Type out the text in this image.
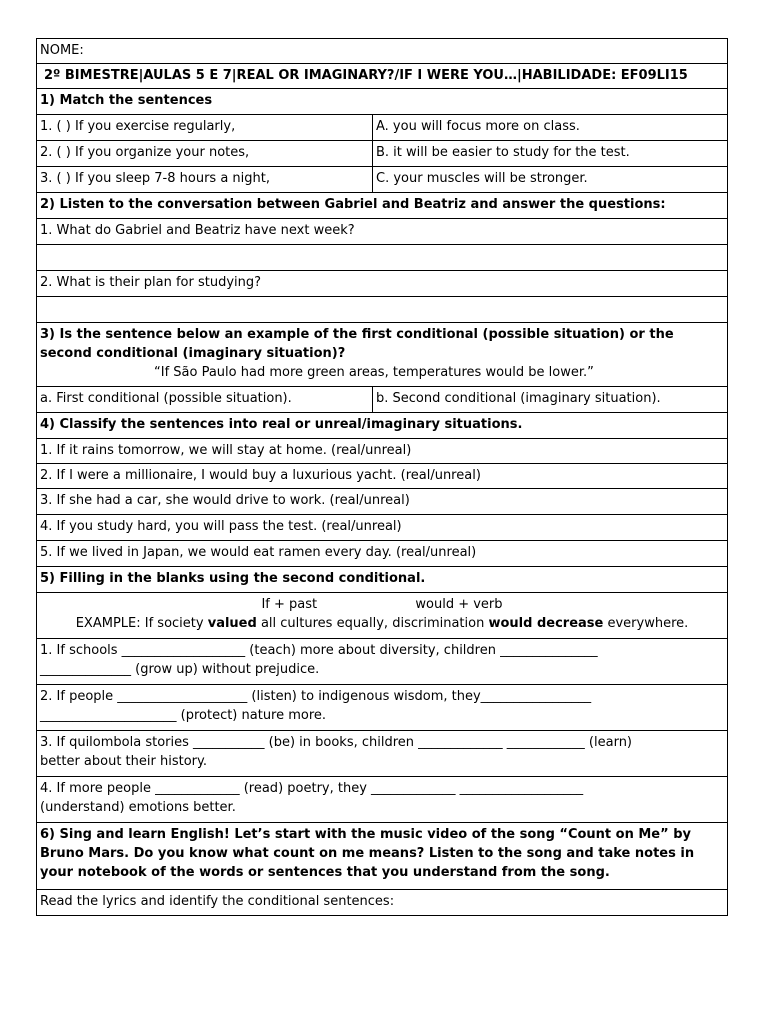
NOME:
2º BIMESTRE|AULAS 5 E 7|REAL OR IMAGINARY?/IF I WERE YOU…|HABILIDADE: EF09LI15
1) Match the sentences
1. ( ) If you exercise regularly,	A. you will focus more on class.
2. ( ) If you organize your notes,	B. it will be easier to study for the test.
3. ( ) If you sleep 7-8 hours a night,	C. your muscles will be stronger.
2) Listen to the conversation between Gabriel and Beatriz and answer the questions:
1. What do Gabriel and Beatriz have next week?
2. What is their plan for studying?
3) Is the sentence below an example of the first conditional (possible situation) or the second conditional (imaginary situation)?
“If São Paulo had more green areas, temperatures would be lower.”
a. First conditional (possible situation).	b. Second conditional (imaginary situation).
4) Classify the sentences into real or unreal/imaginary situations.
1. If it rains tomorrow, we will stay at home. (real/unreal)
2. If I were a millionaire, I would buy a luxurious yacht. (real/unreal)
3. If she had a car, she would drive to work. (real/unreal)
4. If you study hard, you will pass the test. (real/unreal)
5. If we lived in Japan, we would eat ramen every day. (real/unreal)
5) Filling in the blanks using the second conditional.
If + past	would + verb
EXAMPLE: If society valued all cultures equally, discrimination would decrease everywhere.
1. If schools ___________________ (teach) more about diversity, children _______________
______________ (grow up) without prejudice.
2. If people ____________________ (listen) to indigenous wisdom, they_________________
_____________________ (protect) nature more.
3. If quilombola stories ___________ (be) in books, children _____________ ____________ (learn)
better about their history.
4. If more people _____________ (read) poetry, they _____________ ___________________
(understand) emotions better.
6) Sing and learn English! Let’s start with the music video of the song “Count on Me” by Bruno Mars. Do you know what count on me means? Listen to the song and take notes in your notebook of the words or sentences that you understand from the song.
Read the lyrics and identify the conditional sentences:
